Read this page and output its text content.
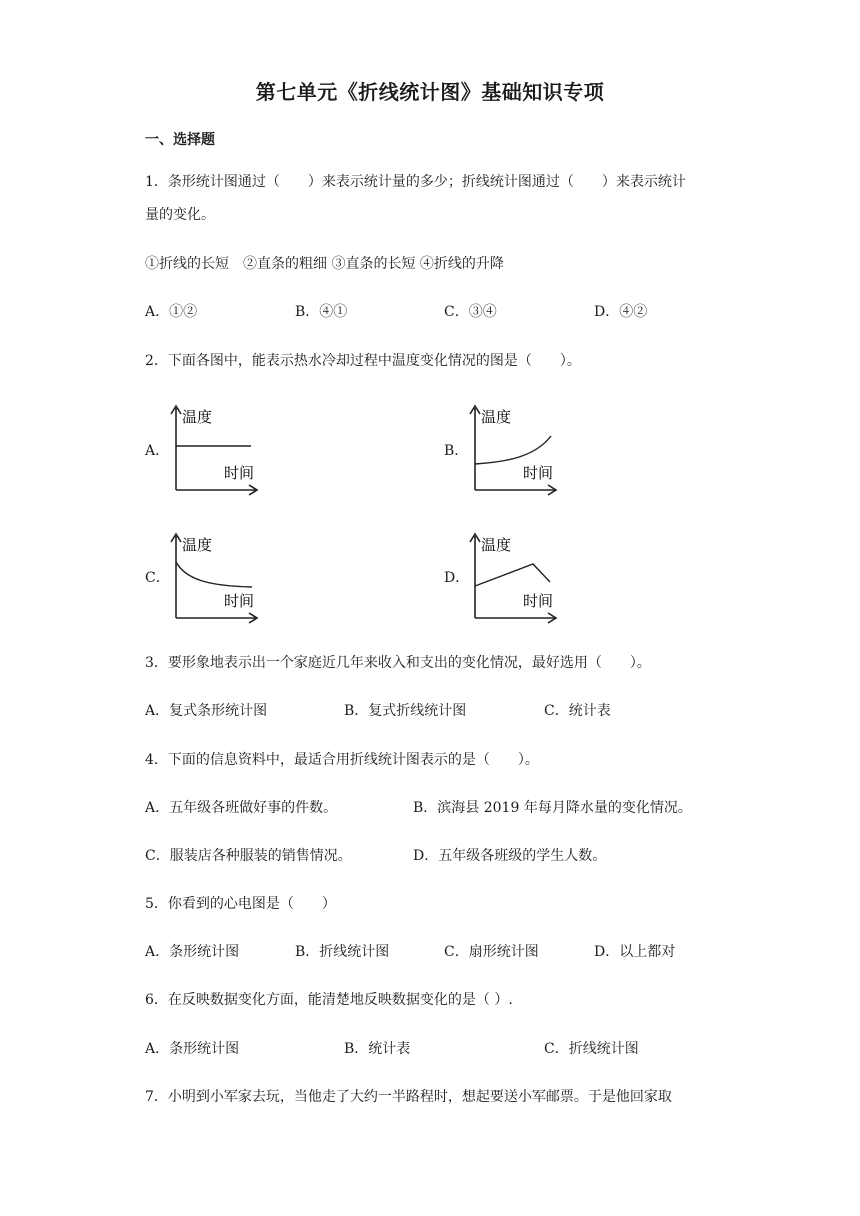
第七单元《折线统计图》基础知识专项
一、选择题
1．条形统计图通过（　　）来表示统计量的多少；折线统计图通过（　　）来表示统计
量的变化。
①折线的长短　②直条的粗细 ③直条的长短 ④折线的升降
A．①②	B．④①	C．③④	D．④②
2．下面各图中，能表示热水冷却过程中温度变化情况的图是（　　）。
A．
温度
时间
B．
温度
时间
C．
温度
时间
D．
温度
时间
3．要形象地表示出一个家庭近几年来收入和支出的变化情况，最好选用（　　）。
A．复式条形统计图	B．复式折线统计图	C．统计表
4．下面的信息资料中，最适合用折线统计图表示的是（　　）。
A．五年级各班做好事的件数。	B．滨海县 2019 年每月降水量的变化情况。
C．服装店各种服装的销售情况。	D．五年级各班级的学生人数。
5．你看到的心电图是（　　）
A．条形统计图	B．折线统计图	C．扇形统计图	D．以上都对
6．在反映数据变化方面，能清楚地反映数据变化的是（ ）.
A．条形统计图	B．统计表	C．折线统计图
7．小明到小军家去玩，当他走了大约一半路程时，想起要送小军邮票。于是他回家取
